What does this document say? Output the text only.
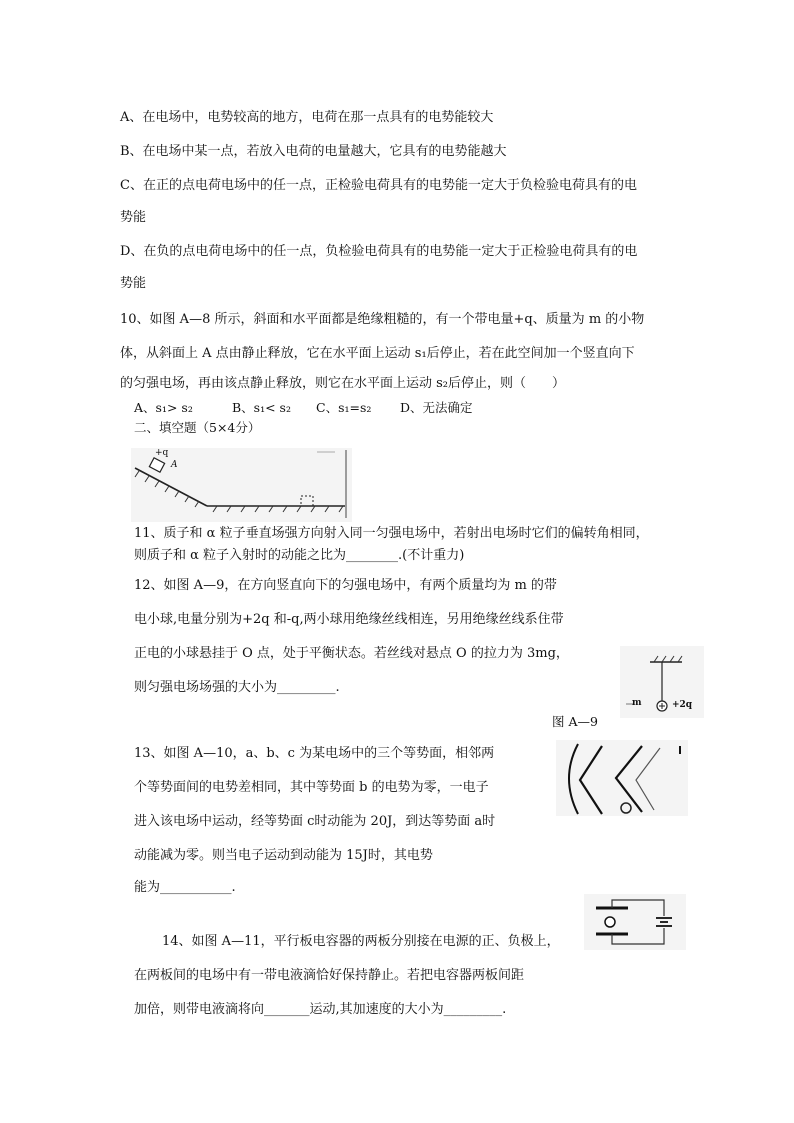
A、在电场中，电势较高的地方，电荷在那一点具有的电势能较大
B、在电场中某一点，若放入电荷的电量越大，它具有的电势能越大
C、在正的点电荷电场中的任一点，正检验电荷具有的电势能一定大于负检验电荷具有的电
势能
D、在负的点电荷电场中的任一点，负检验电荷具有的电势能一定大于正检验电荷具有的电
势能
10、如图 A—8 所示，斜面和水平面都是绝缘粗糙的，有一个带电量+q、质量为 m 的小物
体，从斜面上 A 点由静止释放，它在水平面上运动 s₁后停止，若在此空间加一个竖直向下
的匀强电场，再由该点静止释放，则它在水平面上运动 s₂后停止，则（　　）
A、s₁> s₂	B、s₁< s₂ C、s₁=s₂ D、无法确定
二、填空题（5×4分）
+q
A
11、质子和 α 粒子垂直场强方向射入同一匀强电场中，若射出电场时它们的偏转角相同，
则质子和 α 粒子入射时的动能之比为________.(不计重力)
12、如图 A—9，在方向竖直向下的匀强电场中，有两个质量均为 m 的带
电小球,电量分别为+2q 和-q,两小球用绝缘丝线相连，另用绝缘丝线系住带
正电的小球悬挂于 O 点，处于平衡状态。若丝线对悬点 O 的拉力为 3mg，
则匀强电场场强的大小为_________.
m	+2q
图 A—9
13、如图 A—10，a、b、c 为某电场中的三个等势面，相邻两
个等势面间的电势差相同，其中等势面 b 的电势为零，一电子
进入该电场中运动，经等势面 c时动能为 20J，到达等势面 a时
动能减为零。则当电子运动到动能为 15J时，其电势
能为___________.
14、如图 A—11，平行板电容器的两板分别接在电源的正、负极上，
在两板间的电场中有一带电液滴恰好保持静止。若把电容器两板间距
加倍，则带电液滴将向_______运动,其加速度的大小为_________.
